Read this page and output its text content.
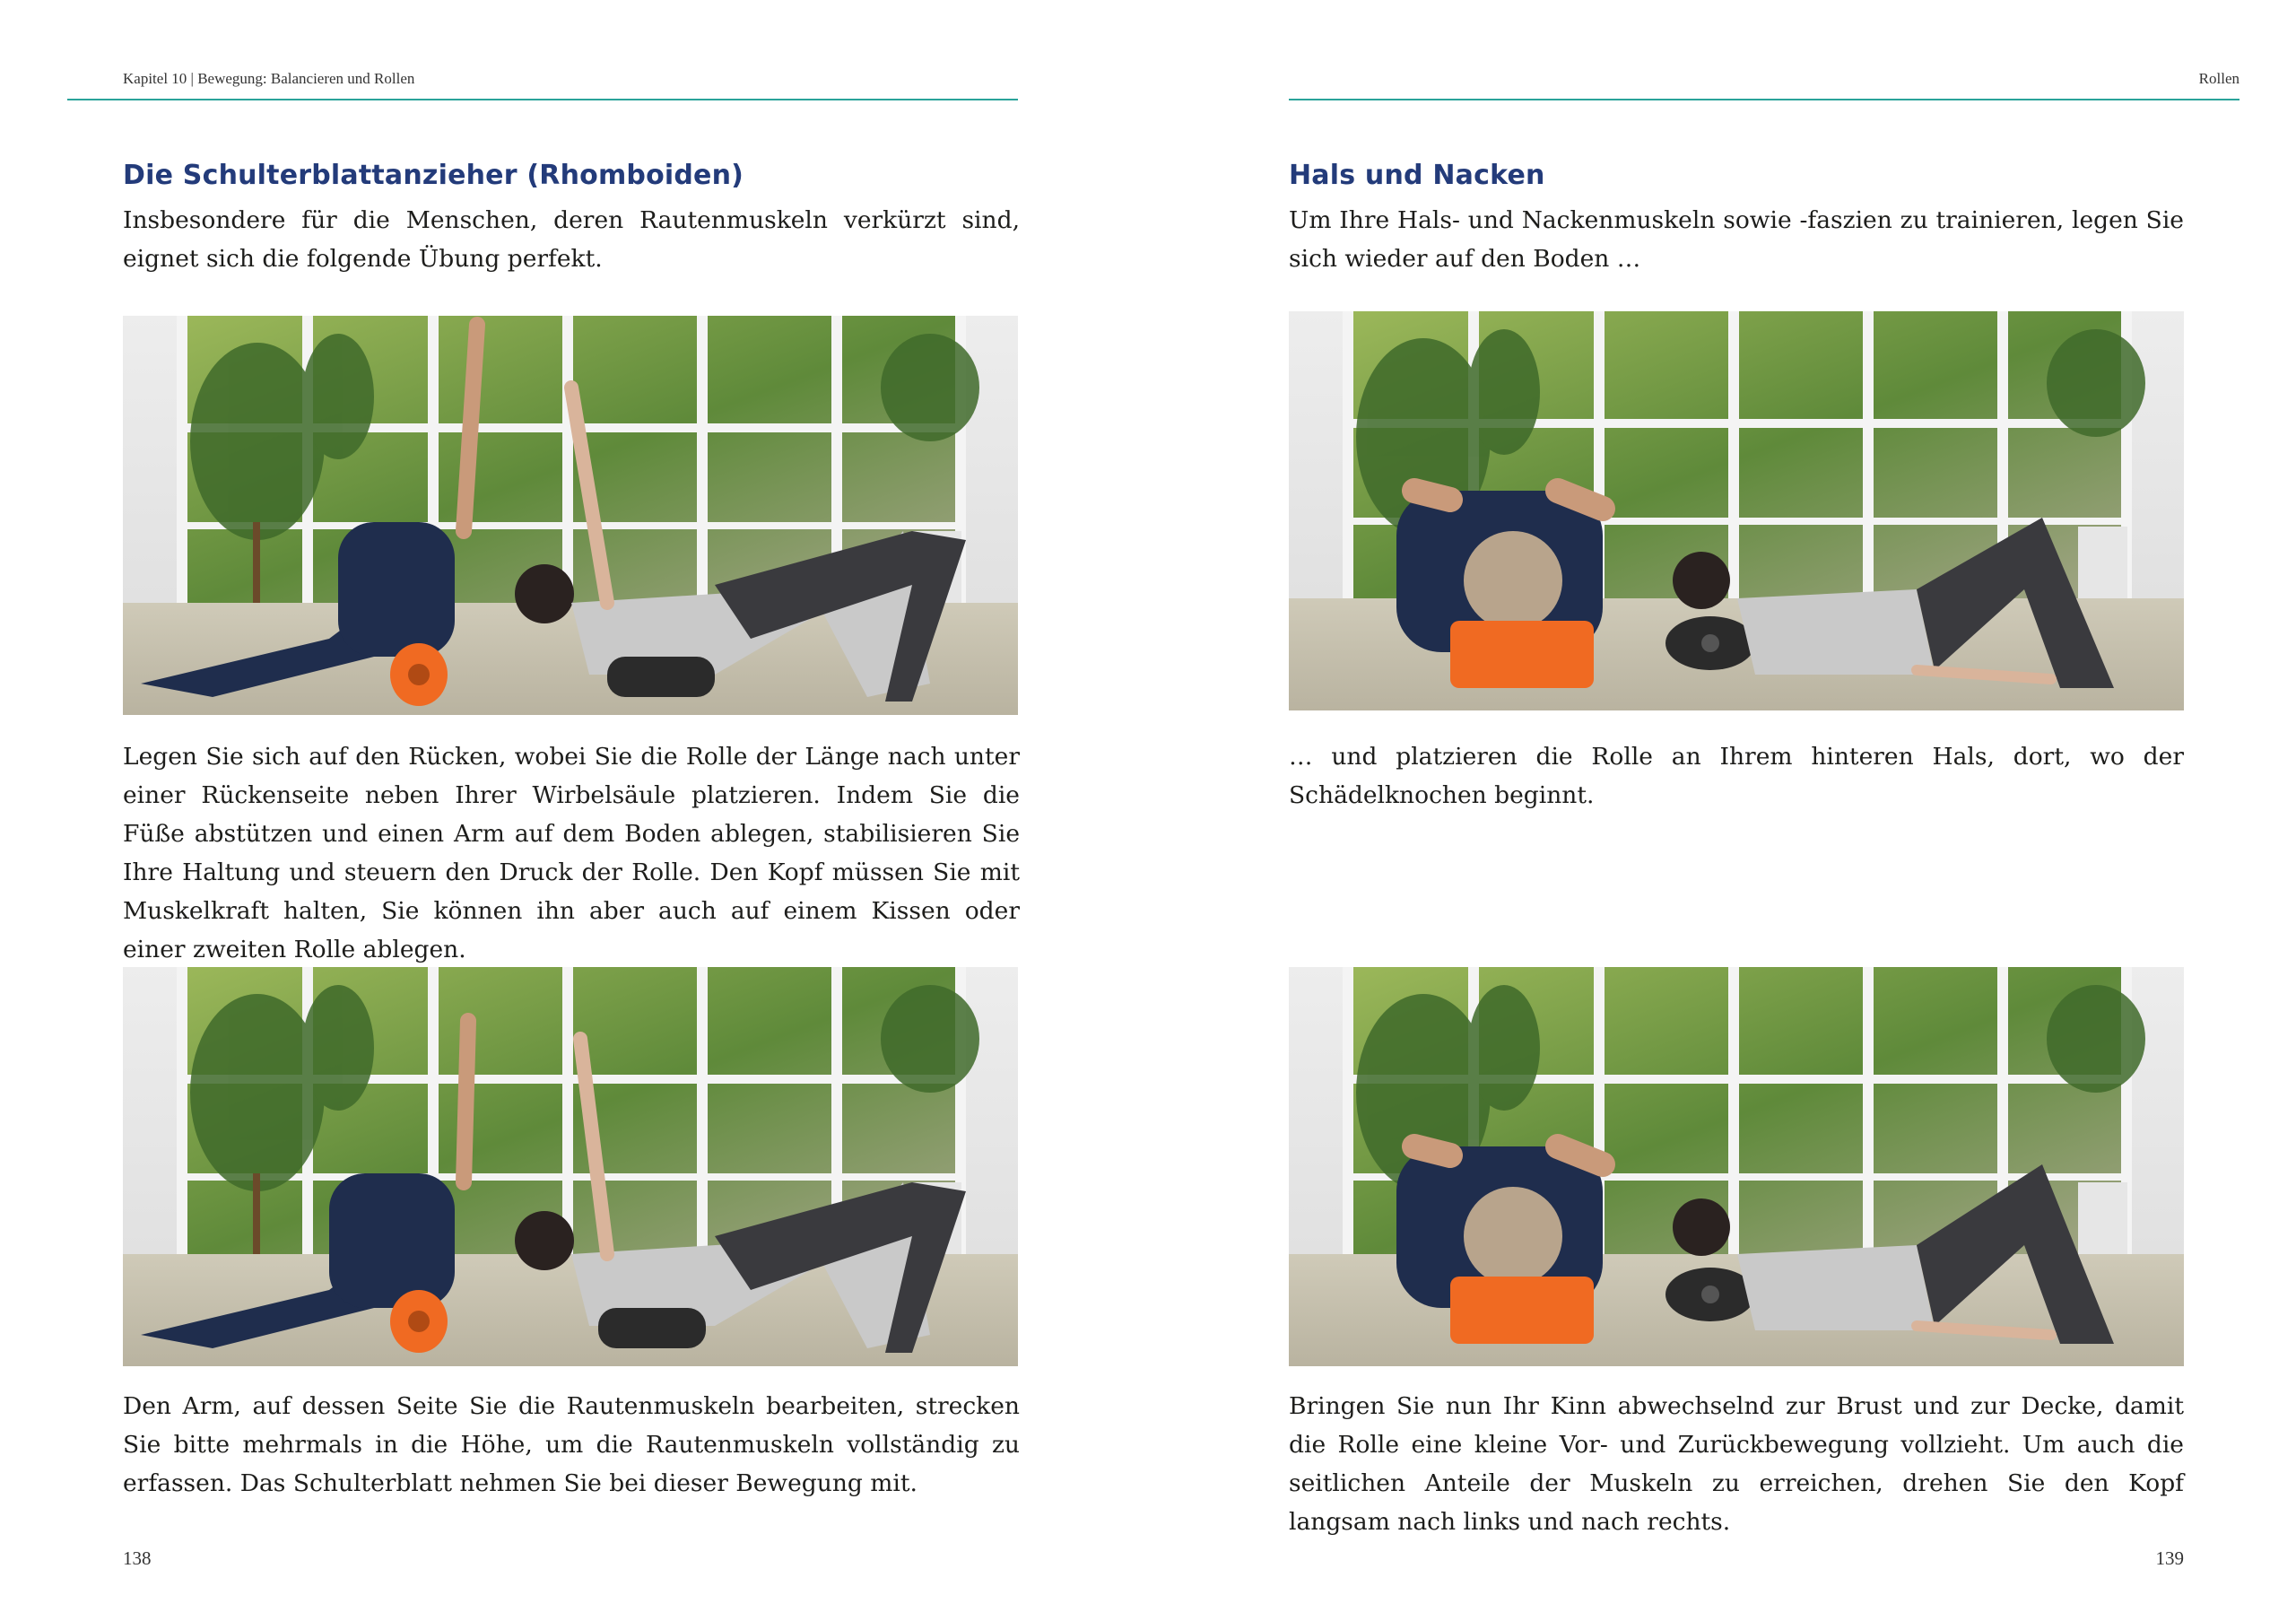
Kapitel 10 | Bewegung: Balancieren und Rollen
Die Schulterblattanzieher (Rhomboiden)

Insbesondere für die Menschen, deren Rautenmuskeln verkürzt sind, eignet sich die folgende Übung perfekt.

Legen Sie sich auf den Rücken, wobei Sie die Rolle der Länge nach unter einer Rückenseite neben Ihrer Wirbelsäule platzieren. Indem Sie die Füße abstützen und einen Arm auf dem Boden ablegen, stabilisieren Sie Ihre Haltung und steuern den Druck der Rolle. Den Kopf müssen Sie mit Muskelkraft halten, Sie können ihn aber auch auf einem Kissen oder einer zweiten Rolle ablegen.

Den Arm, auf dessen Seite Sie die Rautenmuskeln bearbeiten, strecken Sie bitte mehrmals in die Höhe, um die Rautenmuskeln vollständig zu erfassen. Das Schulterblatt nehmen Sie bei dieser Bewegung mit.

138
Rollen
Hals und Nacken

Um Ihre Hals- und Nackenmuskeln sowie -faszien zu trainieren, legen Sie sich wieder auf den Boden …

… und platzieren die Rolle an Ihrem hinteren Hals, dort, wo der Schädelknochen beginnt.

Bringen Sie nun Ihr Kinn abwechselnd zur Brust und zur Decke, damit die Rolle eine kleine Vor- und Zurückbewegung vollzieht. Um auch die seitlichen Anteile der Muskeln zu erreichen, drehen Sie den Kopf langsam nach links und nach rechts.

139
